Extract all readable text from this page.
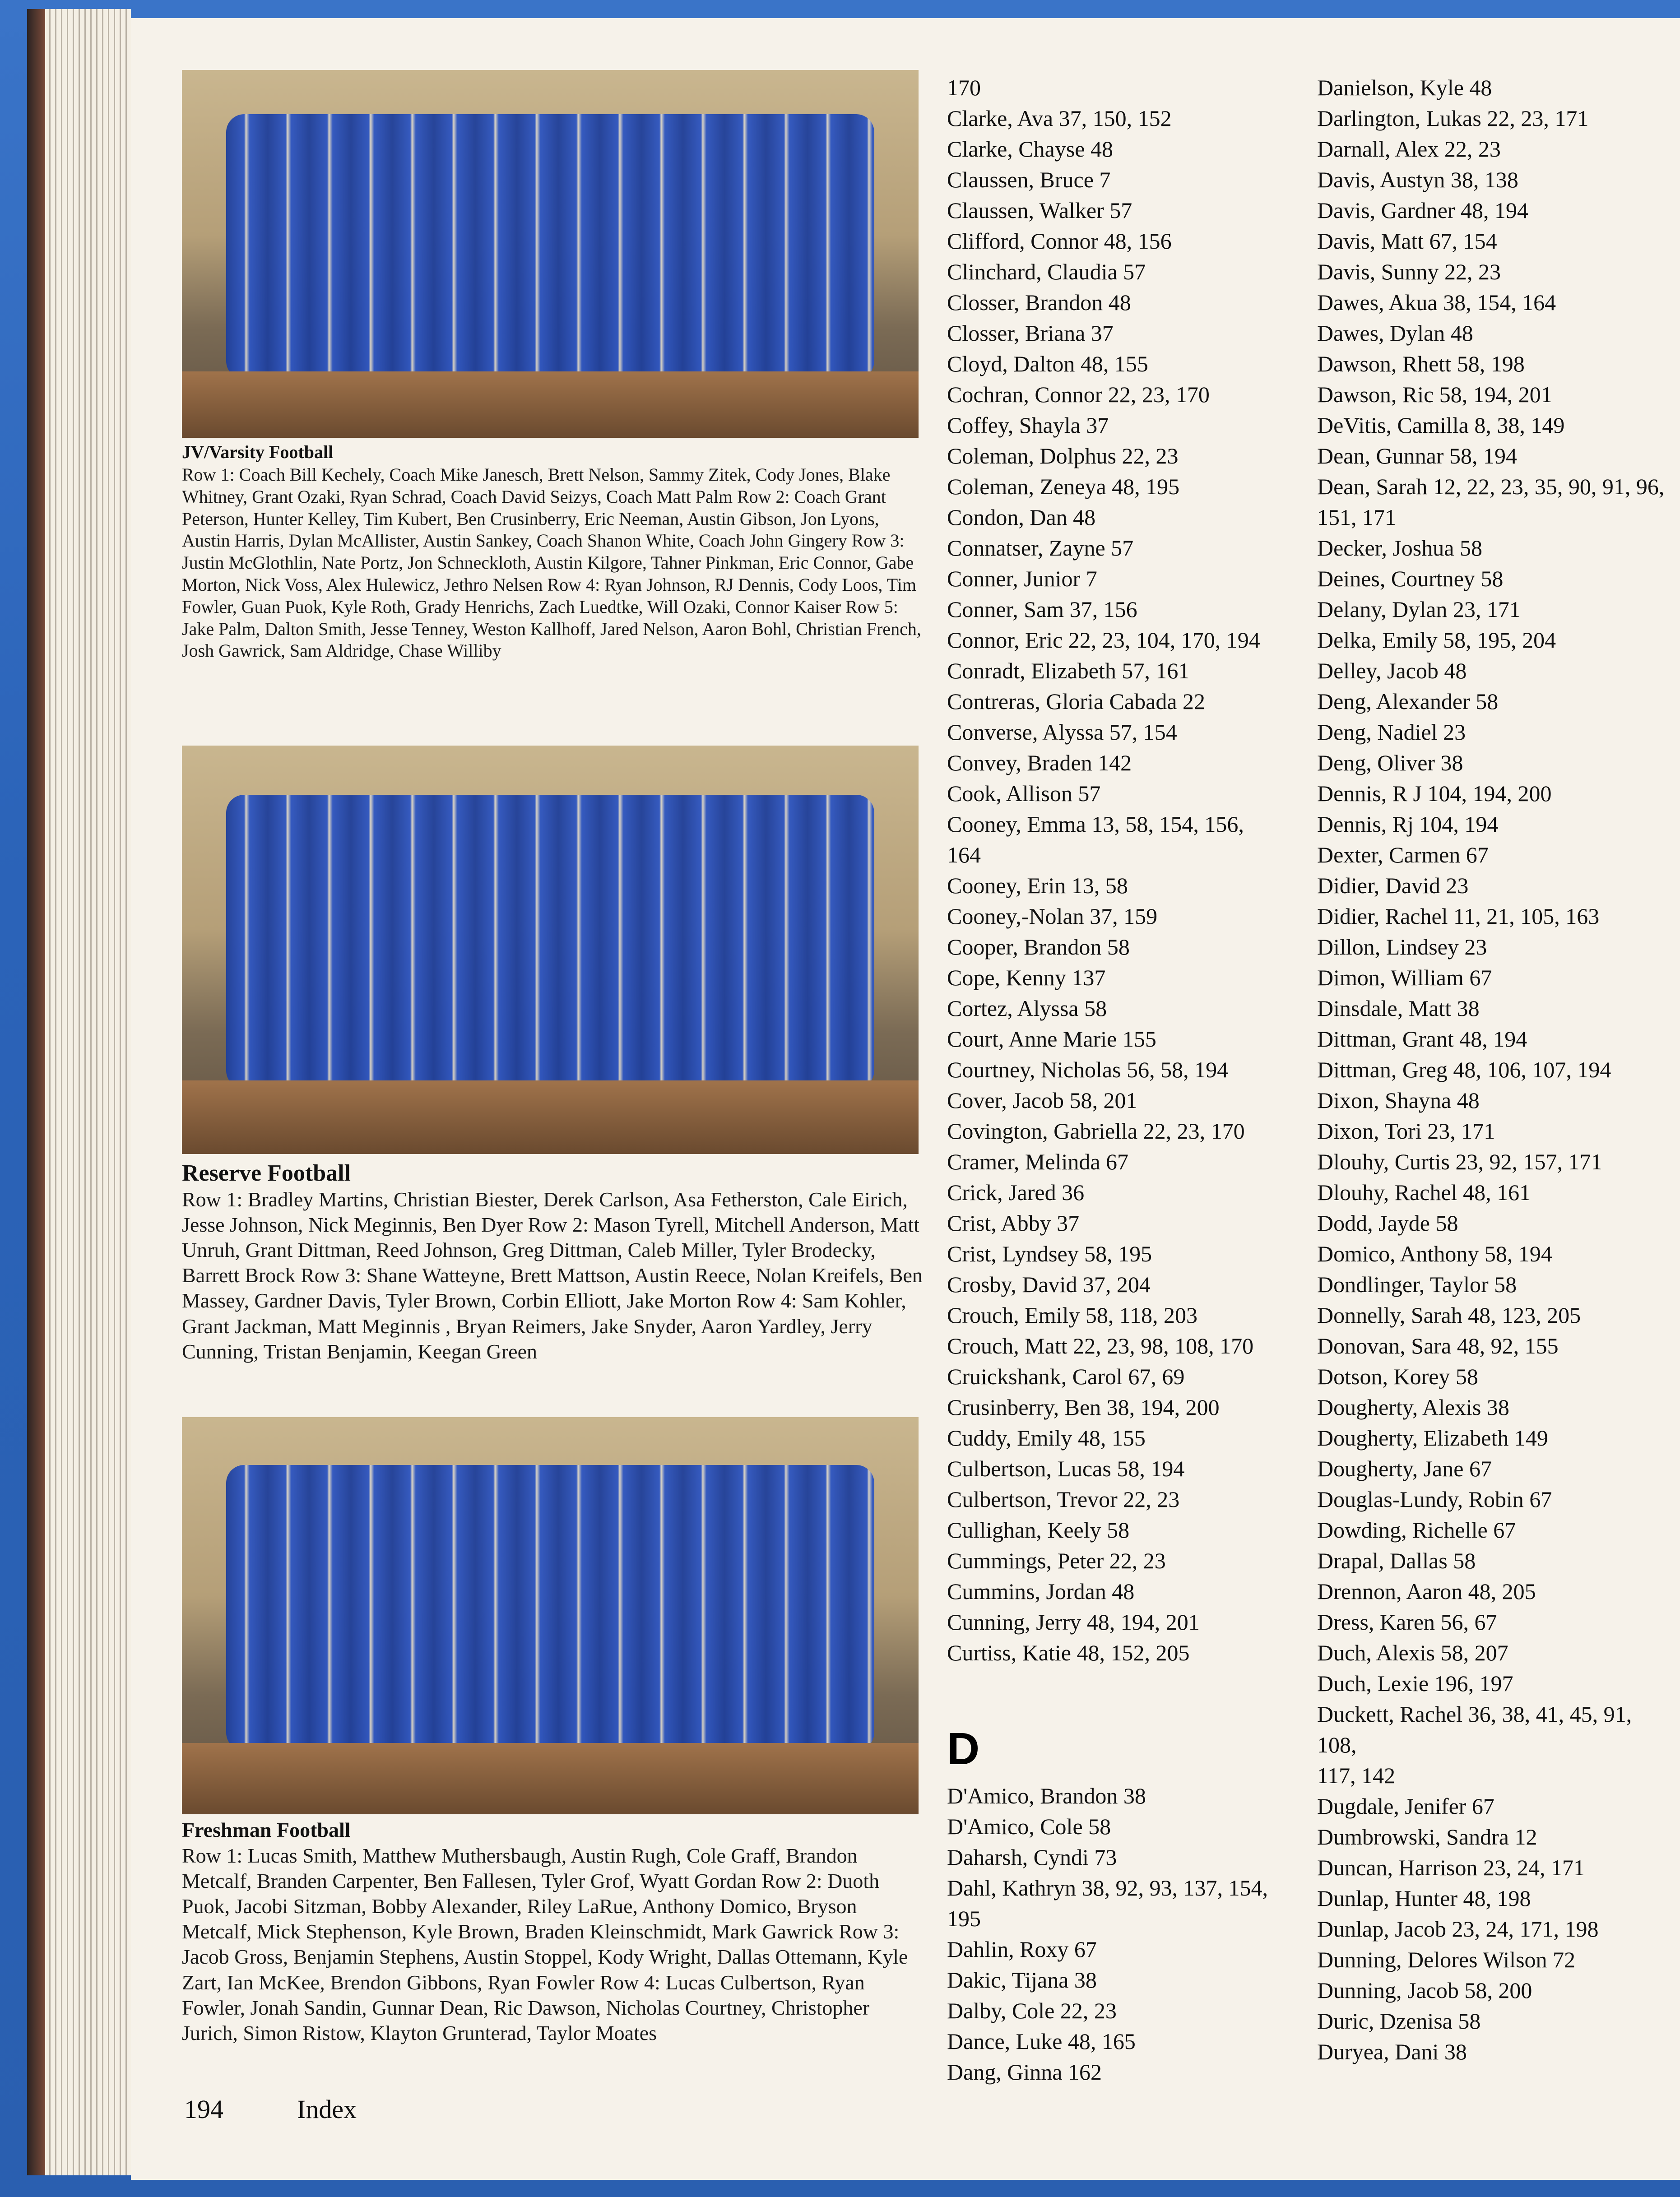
JV/Varsity Football
Row 1: Coach Bill Kechely, Coach Mike Janesch, Brett Nelson, Sammy Zitek, Cody Jones, Blake Whitney, Grant Ozaki, Ryan Schrad, Coach David Seizys, Coach Matt Palm Row 2: Coach Grant Peterson, Hunter Kelley, Tim Kubert, Ben Crusinberry, Eric Neeman, Austin Gibson, Jon Lyons, Austin Harris, Dylan McAllister, Austin Sankey, Coach Shanon White, Coach John Gingery Row 3: Justin McGlothlin, Nate Portz, Jon Schneckloth, Austin Kilgore, Tahner Pinkman, Eric Connor, Gabe Morton, Nick Voss, Alex Hulewicz, Jethro Nelsen Row 4: Ryan Johnson, RJ Dennis, Cody Loos, Tim Fowler, Guan Puok, Kyle Roth, Grady Henrichs, Zach Luedtke, Will Ozaki, Connor Kaiser Row 5: Jake Palm, Dalton Smith, Jesse Tenney, Weston Kallhoff, Jared Nelson, Aaron Bohl, Christian French, Josh Gawrick, Sam Aldridge, Chase Williby
Reserve Football
Row 1: Bradley Martins, Christian Biester, Derek Carlson, Asa Fetherston, Cale Eirich, Jesse Johnson, Nick Meginnis, Ben Dyer Row 2: Mason Tyrell, Mitchell Anderson, Matt Unruh, Grant Dittman, Reed Johnson, Greg Dittman, Caleb Miller, Tyler Brodecky, Barrett Brock Row 3: Shane Watteyne, Brett Mattson, Austin Reece, Nolan Kreifels, Ben Massey, Gardner Davis, Tyler Brown, Corbin Elliott, Jake Morton Row 4: Sam Kohler, Grant Jackman, Matt Meginnis , Bryan Reimers, Jake Snyder, Aaron Yardley, Jerry Cunning, Tristan Benjamin, Keegan Green
Freshman Football
Row 1: Lucas Smith, Matthew Muthersbaugh, Austin Rugh, Cole Graff, Brandon Metcalf, Branden Carpenter, Ben Fallesen, Tyler Grof, Wyatt Gordan Row 2: Duoth Puok, Jacobi Sitzman, Bobby Alexander, Riley LaRue, Anthony Domico, Bryson Metcalf, Mick Stephenson, Kyle Brown, Braden Kleinschmidt, Mark Gawrick Row 3: Jacob Gross, Benjamin Stephens, Austin Stoppel, Kody Wright, Dallas Ottemann, Kyle Zart, Ian McKee, Brendon Gibbons, Ryan Fowler Row 4: Lucas Culbertson, Ryan Fowler, Jonah Sandin, Gunnar Dean, Ric Dawson, Nicholas Courtney, Christopher Jurich, Simon Ristow, Klayton Grunterad, Taylor Moates
170
Clarke, Ava 37, 150, 152
Clarke, Chayse 48
Claussen, Bruce 7
Claussen, Walker 57
Clifford, Connor 48, 156
Clinchard, Claudia 57
Closser, Brandon 48
Closser, Briana 37
Cloyd, Dalton 48, 155
Cochran, Connor 22, 23, 170
Coffey, Shayla 37
Coleman, Dolphus 22, 23
Coleman, Zeneya 48, 195
Condon, Dan 48
Connatser, Zayne 57
Conner, Junior 7
Conner, Sam 37, 156
Connor, Eric 22, 23, 104, 170, 194
Conradt, Elizabeth 57, 161
Contreras, Gloria Cabada 22
Converse, Alyssa 57, 154
Convey, Braden 142
Cook, Allison 57
Cooney, Emma 13, 58, 154, 156,
164
Cooney, Erin 13, 58
Cooney,-Nolan 37, 159
Cooper, Brandon 58
Cope, Kenny 137
Cortez, Alyssa 58
Court, Anne Marie 155
Courtney, Nicholas 56, 58, 194
Cover, Jacob 58, 201
Covington, Gabriella 22, 23, 170
Cramer, Melinda 67
Crick, Jared 36
Crist, Abby 37
Crist, Lyndsey 58, 195
Crosby, David 37, 204
Crouch, Emily 58, 118, 203
Crouch, Matt 22, 23, 98, 108, 170
Cruickshank, Carol 67, 69
Crusinberry, Ben 38, 194, 200
Cuddy, Emily 48, 155
Culbertson, Lucas 58, 194
Culbertson, Trevor 22, 23
Cullighan, Keely 58
Cummings, Peter 22, 23
Cummins, Jordan 48
Cunning, Jerry 48, 194, 201
Curtiss, Katie 48, 152, 205
D
D'Amico, Brandon 38
D'Amico, Cole 58
Daharsh, Cyndi 73
Dahl, Kathryn 38, 92, 93, 137, 154,
195
Dahlin, Roxy 67
Dakic, Tijana 38
Dalby, Cole 22, 23
Dance, Luke 48, 165
Dang, Ginna 162
Danielson, Kyle 48
Darlington, Lukas 22, 23, 171
Darnall, Alex 22, 23
Davis, Austyn 38, 138
Davis, Gardner 48, 194
Davis, Matt 67, 154
Davis, Sunny 22, 23
Dawes, Akua 38, 154, 164
Dawes, Dylan 48
Dawson, Rhett 58, 198
Dawson, Ric 58, 194, 201
DeVitis, Camilla 8, 38, 149
Dean, Gunnar 58, 194
Dean, Sarah 12, 22, 23, 35, 90, 91, 96,
151, 171
Decker, Joshua 58
Deines, Courtney 58
Delany, Dylan 23, 171
Delka, Emily 58, 195, 204
Delley, Jacob 48
Deng, Alexander 58
Deng, Nadiel 23
Deng, Oliver 38
Dennis, R J 104, 194, 200
Dennis, Rj 104, 194
Dexter, Carmen 67
Didier, David 23
Didier, Rachel 11, 21, 105, 163
Dillon, Lindsey 23
Dimon, William 67
Dinsdale, Matt 38
Dittman, Grant 48, 194
Dittman, Greg 48, 106, 107, 194
Dixon, Shayna 48
Dixon, Tori 23, 171
Dlouhy, Curtis 23, 92, 157, 171
Dlouhy, Rachel 48, 161
Dodd, Jayde 58
Domico, Anthony 58, 194
Dondlinger, Taylor 58
Donnelly, Sarah 48, 123, 205
Donovan, Sara 48, 92, 155
Dotson, Korey 58
Dougherty, Alexis 38
Dougherty, Elizabeth 149
Dougherty, Jane 67
Douglas-Lundy, Robin 67
Dowding, Richelle 67
Drapal, Dallas 58
Drennon, Aaron 48, 205
Dress, Karen 56, 67
Duch, Alexis 58, 207
Duch, Lexie 196, 197
Duckett, Rachel 36, 38, 41, 45, 91,
108,
117, 142
Dugdale, Jenifer 67
Dumbrowski, Sandra 12
Duncan, Harrison 23, 24, 171
Dunlap, Hunter 48, 198
Dunlap, Jacob 23, 24, 171, 198
Dunning, Delores Wilson 72
Dunning, Jacob 58, 200
Duric, Dzenisa 58
Duryea, Dani 38
194	Index
